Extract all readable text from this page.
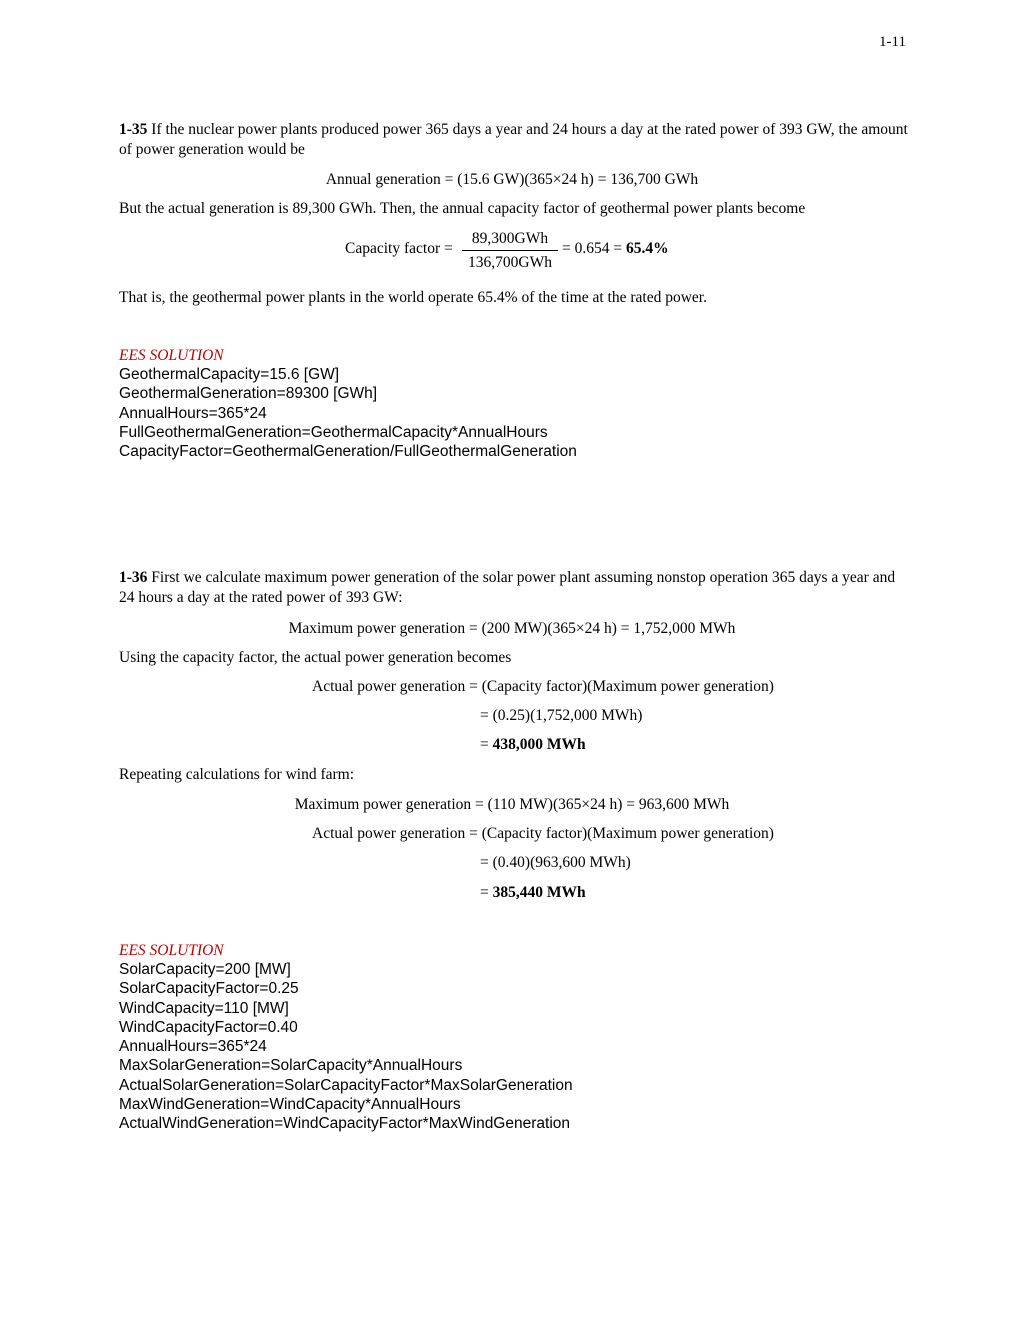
1-11
1-35 If the nuclear power plants produced power 365 days a year and 24 hours a day at the rated power of 393 GW, the amount of power generation would be
Annual generation = (15.6 GW)(365×24 h) = 136,700 GWh
But the actual generation is 89,300 GWh. Then, the annual capacity factor of geothermal power plants become
Capacity factor =
89,300GWh
136,700GWh
= 0.654 = 65.4%
That is, the geothermal power plants in the world operate 65.4% of the time at the rated power.
EES SOLUTION
GeothermalCapacity=15.6 [GW]
GeothermalGeneration=89300 [GWh]
AnnualHours=365*24
FullGeothermalGeneration=GeothermalCapacity*AnnualHours
CapacityFactor=GeothermalGeneration/FullGeothermalGeneration
1-36 First we calculate maximum power generation of the solar power plant assuming nonstop operation 365 days a year and 24 hours a day at the rated power of 393 GW:
Maximum power generation = (200 MW)(365×24 h) = 1,752,000 MWh
Using the capacity factor, the actual power generation becomes
Actual power generation = (Capacity factor)(Maximum power generation)
= (0.25)(1,752,000 MWh)
= 438,000 MWh
Repeating calculations for wind farm:
Maximum power generation = (110 MW)(365×24 h) = 963,600 MWh
Actual power generation = (Capacity factor)(Maximum power generation)
= (0.40)(963,600 MWh)
= 385,440 MWh
EES SOLUTION
SolarCapacity=200 [MW]
SolarCapacityFactor=0.25
WindCapacity=110 [MW]
WindCapacityFactor=0.40
AnnualHours=365*24
MaxSolarGeneration=SolarCapacity*AnnualHours
ActualSolarGeneration=SolarCapacityFactor*MaxSolarGeneration
MaxWindGeneration=WindCapacity*AnnualHours
ActualWindGeneration=WindCapacityFactor*MaxWindGeneration
